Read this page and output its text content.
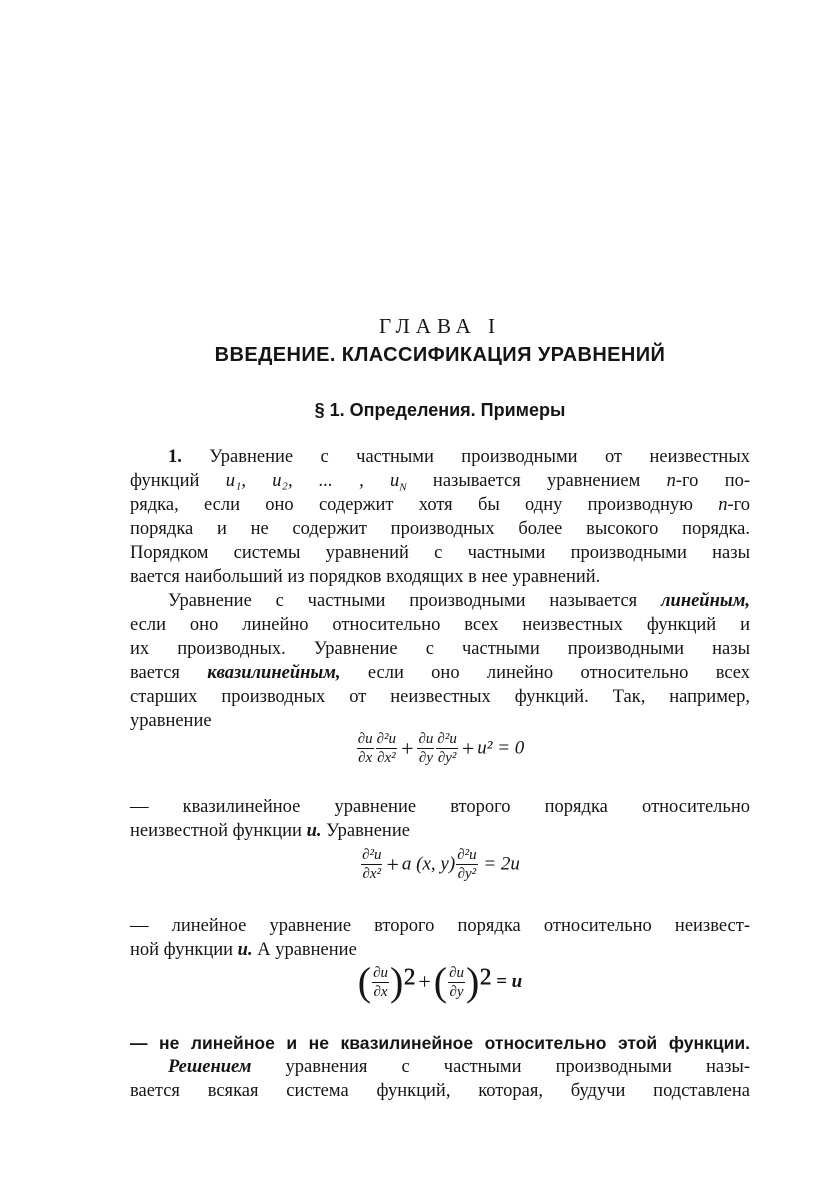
ГЛАВА I
ВВЕДЕНИЕ. КЛАССИФИКАЦИЯ УРАВНЕНИЙ
§ 1. Определения. Примеры
1. Уравнение с частными производными от неизвестных
функций u₁, u₂, ... , $u_N$ называется уравнением n-го по-
рядка, если оно содержит хотя бы одну производную n-го
порядка и не содержит производных более высокого порядка.
Порядком системы уравнений с частными производными назы
вается наибольший из порядков входящих в нее уравнений.
Уравнение с частными производными называется линейным,
если оно линейно относительно всех неизвестных функций и
их производных. Уравнение с частными производными назы
вается квазилинейным, если оно линейно относительно всех
старших производных от неизвестных функций. Так, например,
уравнение
$\frac{\partial u}{\partial x} \frac{\text{∂²u}}{\text{∂x²}} + \frac{\partial u}{\partial y} \frac{\text{∂²u}}{\text{∂y²}} + u^2 = 0$
— квазилинейное уравнение второго порядка относительно
неизвестной функции u. Уравнение
$\frac{\text{∂²u}}{\text{∂x²}} + a$ (x, $y) \frac{\text{∂²u}}{\text{∂y²}} = 2u$
— линейное уравнение второго порядка относительно неизвест-
ной функции u. А уравнение
( $\frac{\partial u}{\partial x} )^2$ +( $\frac{\partial u}{\partial y} )^2 = u$
— не линейное и не квазилинейное относительно этой функции.
Решением уравнения с частными производными назы-
вается всякая система функций, которая, будучи подставлена
